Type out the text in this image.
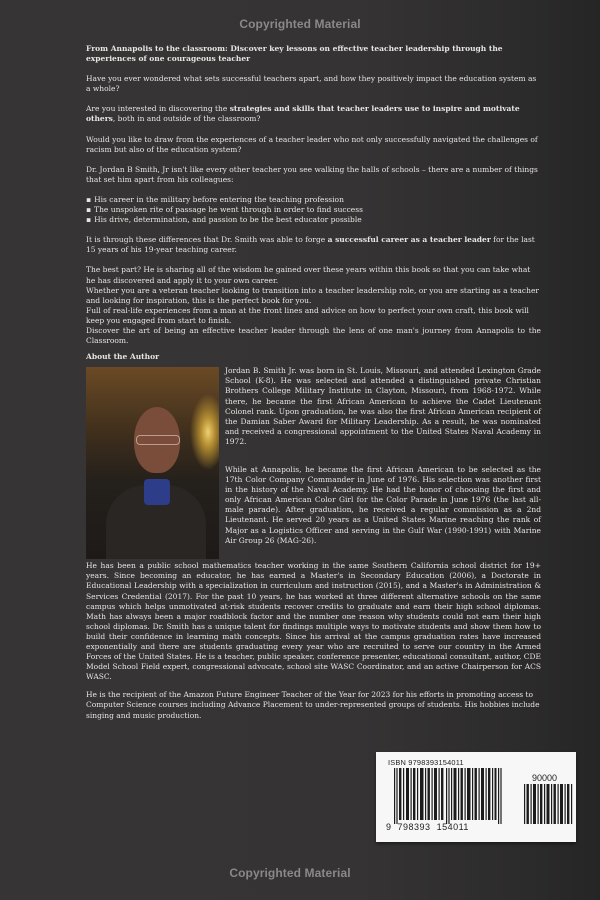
Copyrighted Material

From Annapolis to the classroom: Discover key lessons on effective teacher leadership through the experiences of one courageous teacher

Have you ever wondered what sets successful teachers apart, and how they positively impact the education system as a whole?

Are you interested in discovering the strategies and skills that teacher leaders use to inspire and motivate others, both in and outside of the classroom?

Would you like to draw from the experiences of a teacher leader who not only successfully navigated the challenges of racism but also of the education system?

Dr. Jordan B Smith, Jr isn't like every other teacher you see walking the halls of schools – there are a number of things that set him apart from his colleagues:

▪ His career in the military before entering the teaching profession
▪ The unspoken rite of passage he went through in order to find success
▪ His drive, determination, and passion to be the best educator possible

It is through these differences that Dr. Smith was able to forge a successful career as a teacher leader for the last 15 years of his 19-year teaching career.

The best part? He is sharing all of the wisdom he gained over these years within this book so that you can take what he has discovered and apply it to your own career.

Whether you are a veteran teacher looking to transition into a teacher leadership role, or you are starting as a teacher and looking for inspiration, this is the perfect book for you.

Full of real-life experiences from a man at the front lines and advice on how to perfect your own craft, this book will keep you engaged from start to finish.

Discover the art of being an effective teacher leader through the lens of one man's journey from Annapolis to the Classroom.

About the Author

Jordan B. Smith Jr. was born in St. Louis, Missouri, and attended Lexington Grade School (K-8). He was selected and attended a distinguished private Christian Brothers College Military Institute in Clayton, Missouri, from 1968-1972. While there, he became the first African American to achieve the Cadet Lieutenant Colonel rank. Upon graduation, he was also the first African American recipient of the Damian Saber Award for Military Leadership. As a result, he was nominated and received a congressional appointment to the United States Naval Academy in 1972.

While at Annapolis, he became the first African American to be selected as the 17th Color Company Commander in June of 1976. His selection was another first in the history of the Naval Academy. He had the honor of choosing the first and only African American Color Girl for the Color Parade in June 1976 (the last all-male parade). After graduation, he received a regular commission as a 2nd Lieutenant. He served 20 years as a United States Marine reaching the rank of Major as a Logistics Officer and serving in the Gulf War (1990-1991) with Marine Air Group 26 (MAG-26).

He has been a public school mathematics teacher working in the same Southern California school district for 19+ years. Since becoming an educator, he has earned a Master's in Secondary Education (2006), a Doctorate in Educational Leadership with a specialization in curriculum and instruction (2015), and a Master's in Administration & Services Credential (2017). For the past 10 years, he has worked at three different alternative schools on the same campus which helps unmotivated at-risk students recover credits to graduate and earn their high school diplomas. Math has always been a major roadblock factor and the number one reason why students could not earn their high school diplomas. Dr. Smith has a unique talent for findings multiple ways to motivate students and show them how to build their confidence in learning math concepts. Since his arrival at the campus graduation rates have increased exponentially and there are students graduating every year who are recruited to serve our country in the Armed Forces of the United States. He is a teacher, public speaker, conference presenter, educational consultant, author, CDE Model School Field expert, congressional advocate, school site WASC Coordinator, and an active Chairperson for ACS WASC.

He is the recipient of the Amazon Future Engineer Teacher of the Year for 2023 for his efforts in promoting access to Computer Science courses including Advance Placement to under-represented groups of students. His hobbies include singing and music production.

ISBN 9798393154011
90000
9 798393 154011
Copyrighted Material
